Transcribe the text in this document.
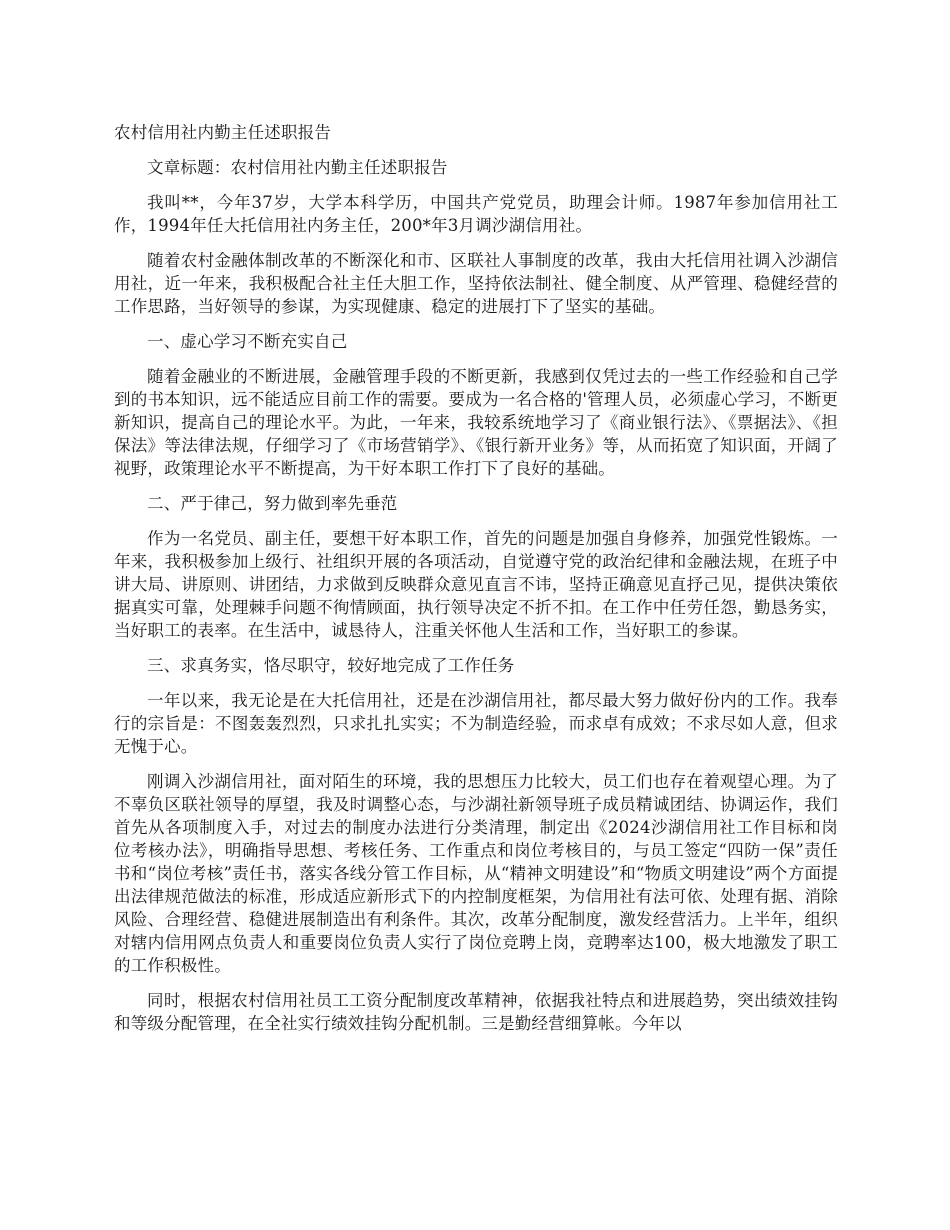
农村信用社内勤主任述职报告

文章标题：农村信用社内勤主任述职报告

我叫**，今年37岁，大学本科学历，中国共产党党员，助理会计师。1987年参加信用社工作，1994年任大托信用社内务主任，200*年3月调沙湖信用社。

随着农村金融体制改革的不断深化和市、区联社人事制度的改革，我由大托信用社调入沙湖信用社，近一年来，我积极配合社主任大胆工作，坚持依法制社、健全制度、从严管理、稳健经营的工作思路，当好领导的参谋，为实现健康、稳定的进展打下了坚实的基础。

一、虚心学习不断充实自己

随着金融业的不断进展，金融管理手段的不断更新，我感到仅凭过去的一些工作经验和自己学到的书本知识，远不能适应目前工作的需要。要成为一名合格的'管理人员，必须虚心学习，不断更新知识，提高自己的理论水平。为此，一年来，我较系统地学习了《商业银行法》、《票据法》、《担保法》等法律法规，仔细学习了《市场营销学》、《银行新开业务》等，从而拓宽了知识面，开阔了视野，政策理论水平不断提高，为干好本职工作打下了良好的基础。

二、严于律己，努力做到率先垂范

作为一名党员、副主任，要想干好本职工作，首先的问题是加强自身修养，加强党性锻炼。一年来，我积极参加上级行、社组织开展的各项活动，自觉遵守党的政治纪律和金融法规，在班子中讲大局、讲原则、讲团结，力求做到反映群众意见直言不讳，坚持正确意见直抒己见，提供决策依据真实可靠，处理棘手问题不徇情顾面，执行领导决定不折不扣。在工作中任劳任怨，勤恳务实，当好职工的表率。在生活中，诚恳待人，注重关怀他人生活和工作，当好职工的参谋。

三、求真务实，恪尽职守，较好地完成了工作任务

一年以来，我无论是在大托信用社，还是在沙湖信用社，都尽最大努力做好份内的工作。我奉行的宗旨是：不图轰轰烈烈，只求扎扎实实；不为制造经验，而求卓有成效；不求尽如人意，但求无愧于心。

刚调入沙湖信用社，面对陌生的环境，我的思想压力比较大，员工们也存在着观望心理。为了不辜负区联社领导的厚望，我及时调整心态，与沙湖社新领导班子成员精诚团结、协调运作，我们首先从各项制度入手，对过去的制度办法进行分类清理，制定出《2024沙湖信用社工作目标和岗位考核办法》，明确指导思想、考核任务、工作重点和岗位考核目的，与员工签定“四防一保”责任书和“岗位考核”责任书，落实各线分管工作目标，从“精神文明建设”和“物质文明建设”两个方面提出法律规范做法的标准，形成适应新形式下的内控制度框架，为信用社有法可依、处理有据、消除风险、合理经营、稳健进展制造出有利条件。其次，改革分配制度，激发经营活力。上半年，组织对辖内信用网点负责人和重要岗位负责人实行了岗位竞聘上岗，竞聘率达100，极大地激发了职工的工作积极性。

同时，根据农村信用社员工工资分配制度改革精神，依据我社特点和进展趋势，突出绩效挂钩和等级分配管理，在全社实行绩效挂钩分配机制。三是勤经营细算帐。今年以
